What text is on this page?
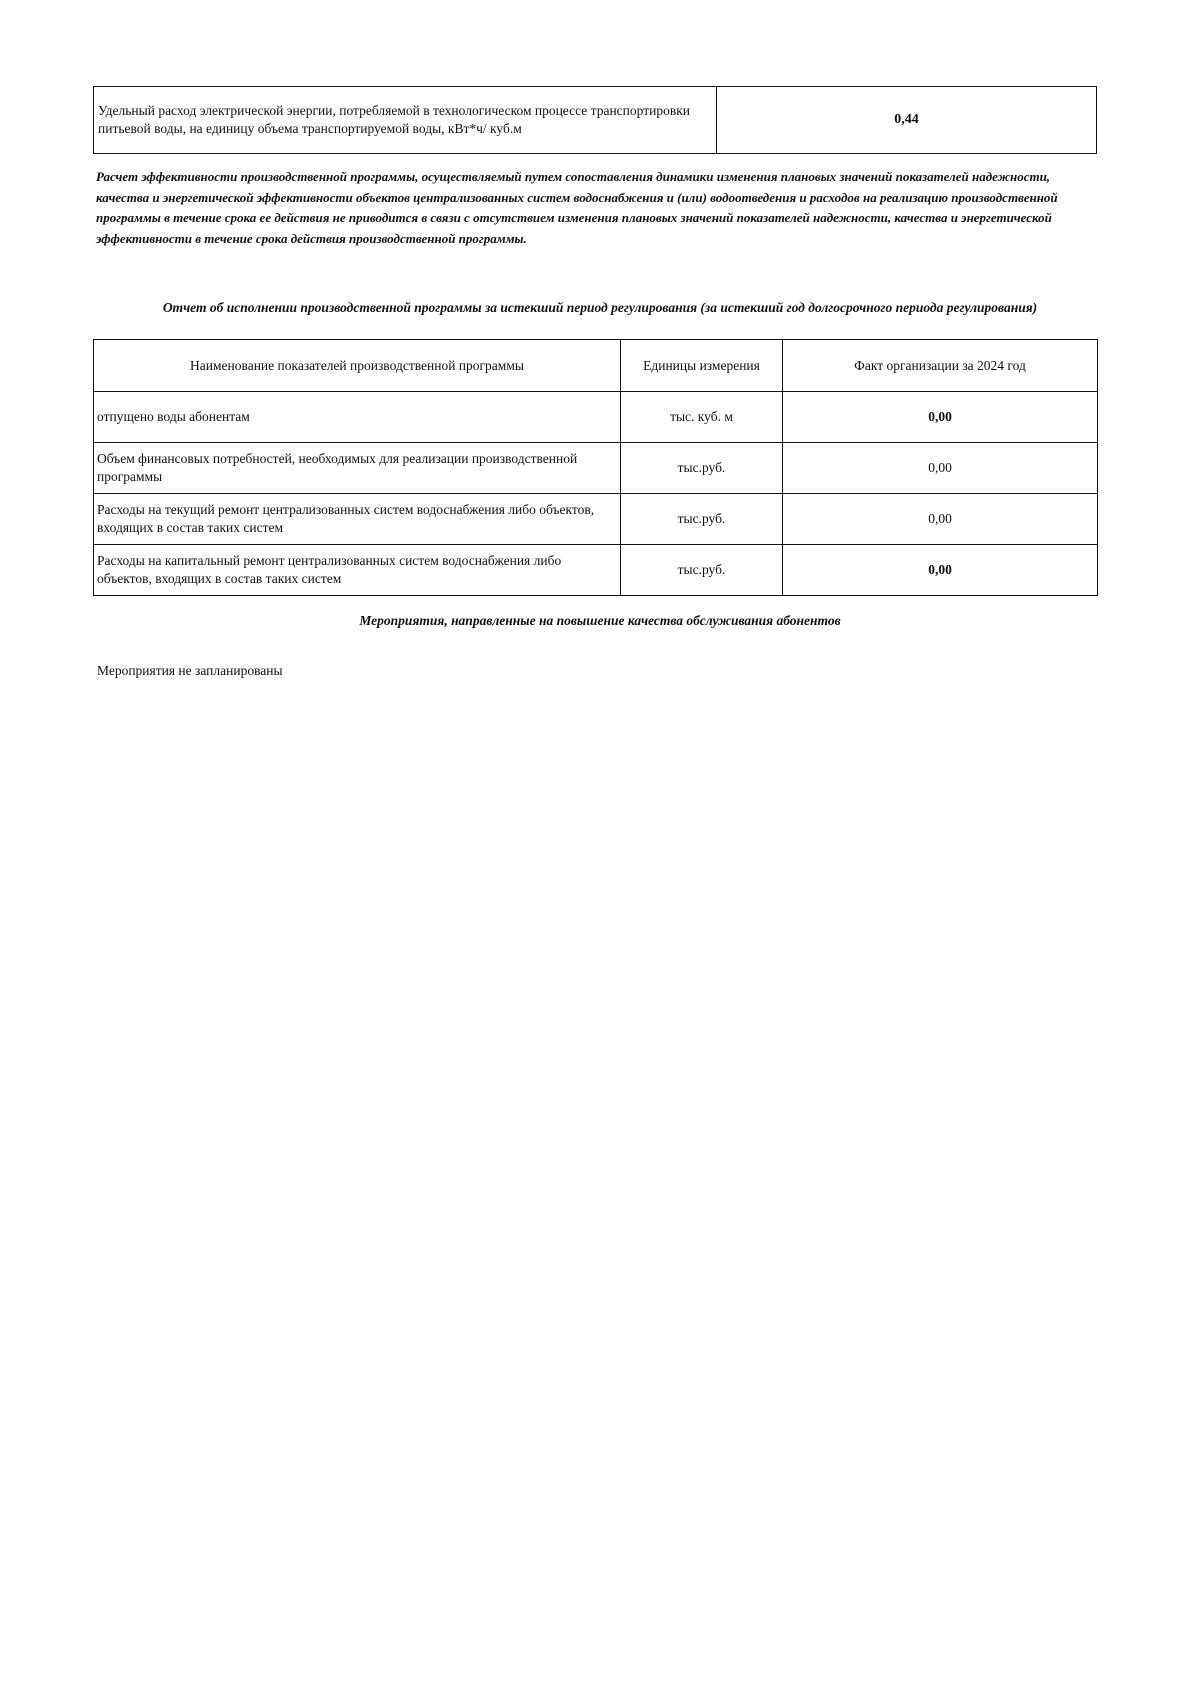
Удельный расход электрической энергии, потребляемой в технологическом процессе транспортировки питьевой воды, на единицу объема транспортируемой воды, кВт*ч/ куб.м	0,44
Расчет эффективности производственной программы, осуществляемый путем сопоставления динамики изменения плановых значений показателей надежности, качества и энергетической эффективности объектов централизованных систем водоснабжения и (или) водоотведения и расходов на реализацию производственной программы в течение срока ее действия не приводится в связи с отсутствием изменения плановых значений показателей надежности, качества и энергетической эффективности в течение срока действия производственной программы.
Отчет об исполнении производственной программы за истекший период регулирования (за истекший год долгосрочного периода регулирования)
Наименование показателей производственной программы	Единицы измерения	Факт организации за 2024 год
отпущено воды абонентам	тыс. куб. м	0,00
Объем финансовых потребностей, необходимых для реализации производственной программы	тыс.руб.	0,00
Расходы на текущий ремонт централизованных систем водоснабжения либо объектов, входящих в состав таких систем	тыс.руб.	0,00
Расходы на капитальный ремонт централизованных систем водоснабжения либо объектов, входящих в состав таких систем	тыс.руб.	0,00
Мероприятия, направленные на повышение качества обслуживания абонентов
Мероприятия не запланированы
